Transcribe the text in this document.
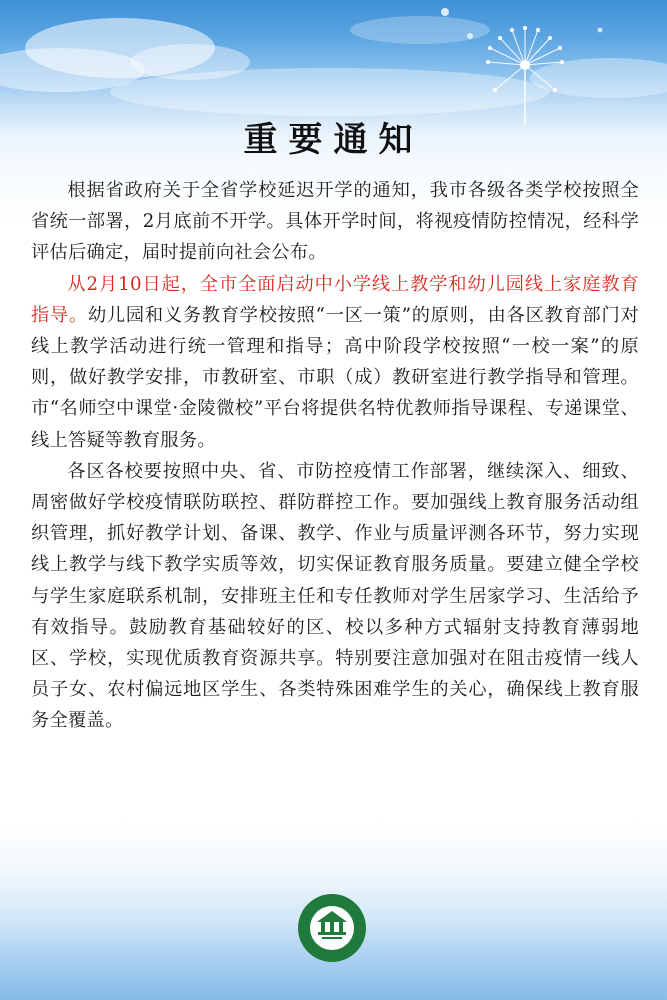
重要通知

根据省政府关于全省学校延迟开学的通知，我市各级各类学校按照全省统一部署，2月底前不开学。具体开学时间，将视疫情防控情况，经科学评估后确定，届时提前向社会公布。

从2月10日起，全市全面启动中小学线上教学和幼儿园线上家庭教育指导。幼儿园和义务教育学校按照“一区一策”的原则，由各区教育部门对线上教学活动进行统一管理和指导；高中阶段学校按照“一校一案”的原则，做好教学安排，市教研室、市职（成）教研室进行教学指导和管理。市“名师空中课堂·金陵微校”平台将提供名特优教师指导课程、专递课堂、线上答疑等教育服务。

各区各校要按照中央、省、市防控疫情工作部署，继续深入、细致、周密做好学校疫情联防联控、群防群控工作。要加强线上教育服务活动组织管理，抓好教学计划、备课、教学、作业与质量评测各环节，努力实现线上教学与线下教学实质等效，切实保证教育服务质量。要建立健全学校与学生家庭联系机制，安排班主任和专任教师对学生居家学习、生活给予有效指导。鼓励教育基础较好的区、校以多种方式辐射支持教育薄弱地区、学校，实现优质教育资源共享。特别要注意加强对在阻击疫情一线人员子女、农村偏远地区学生、各类特殊困难学生的关心，确保线上教育服务全覆盖。
